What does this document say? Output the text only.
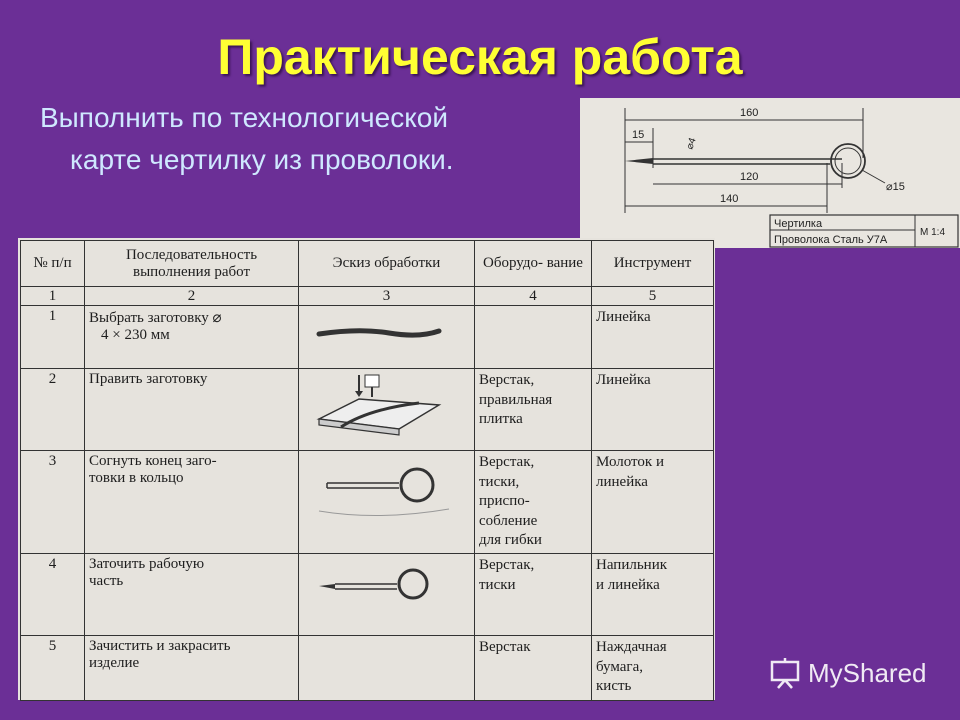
Практическая работа
Выполнить по технологической
карте чертилку из проволоки.
160
15
⌀4
120
140
⌀15
Чертилка
Проволока Сталь У7А
М 1:4
№ п/п	Последовательность выполнения работ	Эскиз обработки	Оборудо- вание	Инструмент
1	2	3	4	5
1	Выбрать заготовку ⌀
4 × 230 мм			Линейка

2	Править заготовку		Верстак,
правильная
плитка	Линейка

3	Согнуть конец заго-
товки в кольцо		Верстак,
тиски,
приспо-
собление
для гибки	Молоток и
линейка

4	Заточить рабочую
часть		Верстак,
тиски	Напильник
и линейка

5	Зачистить и закрасить
изделие		Верстак	Наждачная
бумага,
кисть	MyShared
